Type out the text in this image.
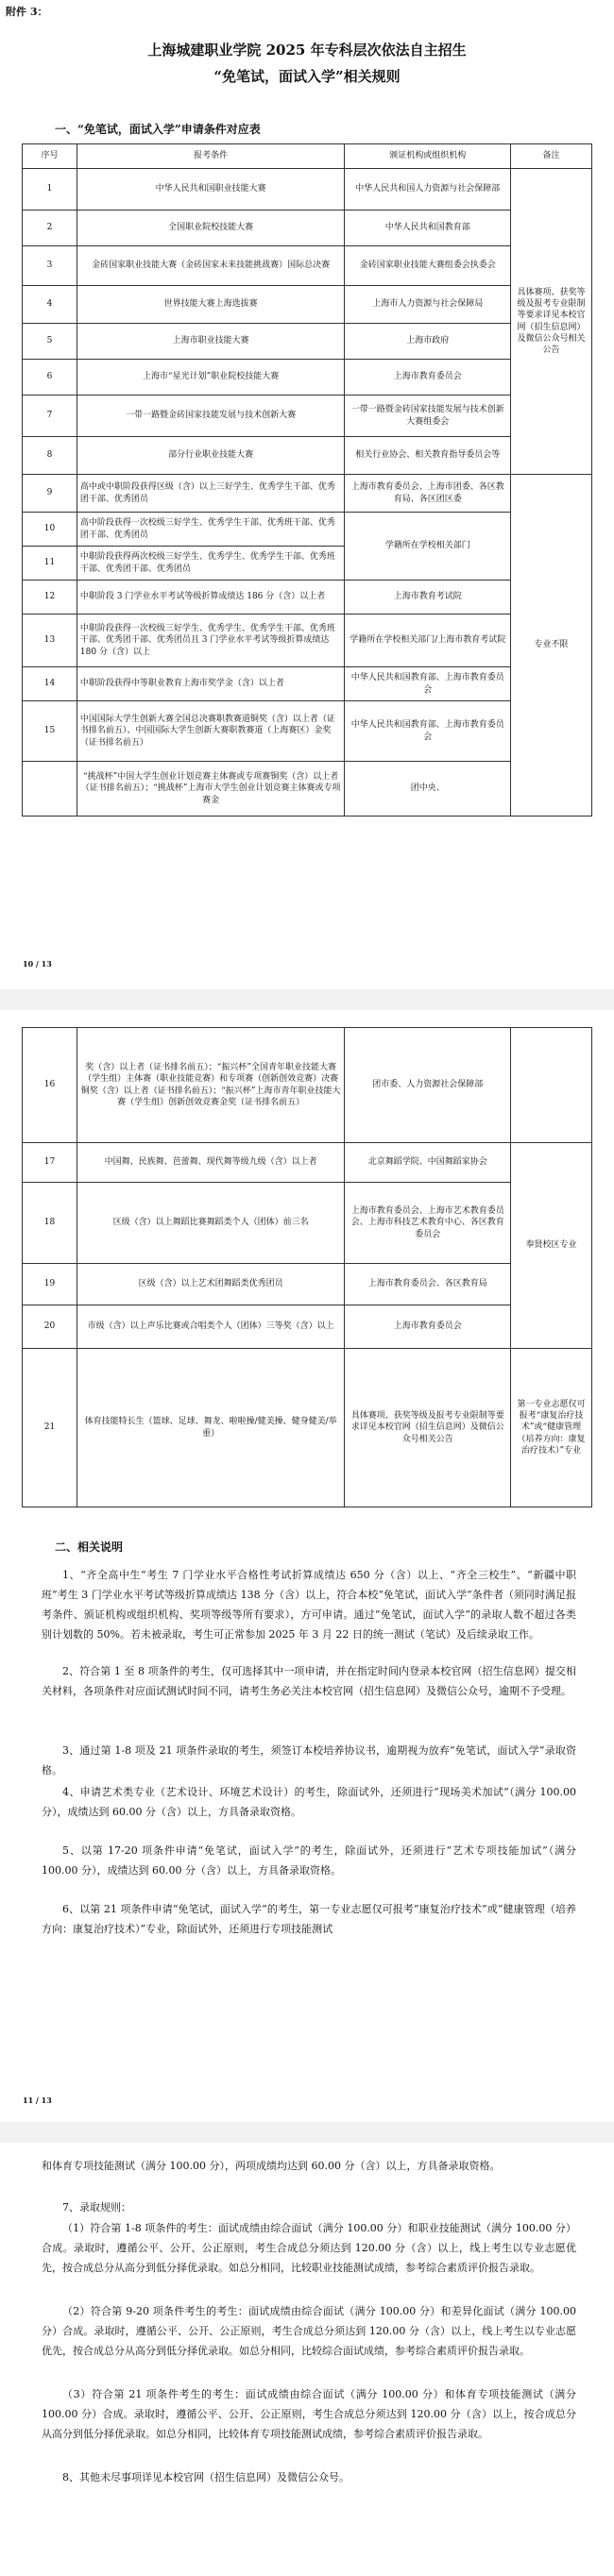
附件 3：
上海城建职业学院 2025 年专科层次依法自主招生
“免笔试，面试入学”相关规则
一、“免笔试，面试入学”申请条件对应表
序号	报考条件	颁证机构或组织机构	备注
1	中华人民共和国职业技能大赛	中华人民共和国人力资源与社会保障部	具体赛项、获奖等级及报考专业限制等要求详见本校官网（招生信息网）及微信公众号相关公告
2	全国职业院校技能大赛	中华人民共和国教育部	
3	金砖国家职业技能大赛（金砖国家未来技能挑战赛）国际总决赛	金砖国家职业技能大赛组委会执委会	
4	世界技能大赛上海选拔赛	上海市人力资源与社会保障局	
5	上海市职业技能大赛	上海市政府	
6	上海市“星光计划”职业院校技能大赛	上海市教育委员会	
7	一带一路暨金砖国家技能发展与技术创新大赛	一带一路暨金砖国家技能发展与技术创新大赛组委会	
8	部分行业职业技能大赛	相关行业协会、相关教育指导委员会等	
9	高中或中职阶段获得区级（含）以上三好学生、优秀学生干部、优秀团干部、优秀团员	上海市教育委员会、上海市团委、各区教育局、各区团区委	专业不限
10	高中阶段获得一次校级三好学生、优秀学生干部、优秀班干部、优秀团干部、优秀团员	学籍所在学校相关部门	
11	中职阶段获得两次校级三好学生、优秀学生、优秀学生干部、优秀班干部、优秀团干部、优秀团员		
12	中职阶段 3 门学业水平考试等级折算成绩达 186 分（含）以上者	上海市教育考试院	
13	中职阶段获得一次校级三好学生、优秀学生、优秀学生干部、优秀班干部、优秀团干部、优秀团员且 3 门学业水平考试等级折算成绩达 180 分（含）以上	学籍所在学校相关部门/上海市教育考试院	
14	中职阶段获得中等职业教育上海市奖学金（含）以上者	中华人民共和国教育部、上海市教育委员会	
15	中国国际大学生创新大赛全国总决赛职教赛道铜奖（含）以上者（证书排名前五）、中国国际大学生创新大赛职教赛道（上海赛区）金奖（证书排名前五）	中华人民共和国教育部、上海市教育委员会	
	“挑战杯”中国大学生创业计划竞赛主体赛或专项赛铜奖（含）以上者（证书排名前五）；“挑战杯”上海市大学生创业计划竞赛主体赛或专项赛金	团中央、	
10 / 13
16	奖（含）以上者（证书排名前五）；“振兴杯”全国青年职业技能大赛（学生组）主体赛（职业技能竞赛）和专项赛（创新创效竞赛）决赛铜奖（含）以上者（证书排名前五）；“振兴杯”上海市青年职业技能大赛（学生组）创新创效竞赛金奖（证书排名前五）	团市委、人力资源社会保障部	
17	中国舞、民族舞、芭蕾舞、现代舞等级九级（含）以上者	北京舞蹈学院、中国舞蹈家协会	奉贤校区专业
18	区级（含）以上舞蹈比赛舞蹈类个人（团体）前三名	上海市教育委员会、上海市艺术教育委员会、上海市科技艺术教育中心、各区教育委员会	
19	区级（含）以上艺术团舞蹈类优秀团员	上海市教育委员会、各区教育局	
20	市级（含）以上声乐比赛或合唱类个人（团体）三等奖（含）以上	上海市教育委员会	
21	体育技能特长生（篮球、足球、舞龙、啦啦操/健美操、健身健美/举重）	具体赛项、获奖等级及报考专业限制等要求详见本校官网（招生信息网）及微信公众号相关公告	第一专业志愿仅可报考“康复治疗技术”或“健康管理（培养方向：康复治疗技术）”专业
二、相关说明

1、“齐全高中生”考生 7 门学业水平合格性考试折算成绩达 650 分（含）以上、“齐全三校生”、“新疆中职班”考生 3 门学业水平考试等级折算成绩达 138 分（含）以上，符合本校“免笔试，面试入学”条件者（须同时满足报考条件、颁证机构或组织机构、奖项等级等所有要求），方可申请。通过“免笔试，面试入学”的录取人数不超过各类别计划数的 50%。若未被录取，考生可正常参加 2025 年 3 月 22 日的统一测试（笔试）及后续录取工作。

2、符合第 1 至 8 项条件的考生，仅可选择其中一项申请，并在指定时间内登录本校官网（招生信息网）提交相关材料，各项条件对应面试测试时间不同，请考生务必关注本校官网（招生信息网）及微信公众号，逾期不予受理。

3、通过第 1-8 项及 21 项条件录取的考生，须签订本校培养协议书，逾期视为放弃“免笔试，面试入学”录取资格。

4、申请艺术类专业（艺术设计、环境艺术设计）的考生，除面试外，还须进行“现场美术加试”（满分 100.00 分），成绩达到 60.00 分（含）以上，方具备录取资格。

5、以第 17-20 项条件申请“免笔试，面试入学”的考生，除面试外，还须进行“艺术专项技能加试”（满分 100.00 分），成绩达到 60.00 分（含）以上，方具备录取资格。

6、以第 21 项条件申请“免笔试，面试入学”的考生，第一专业志愿仅可报考“康复治疗技术”或“健康管理（培养方向：康复治疗技术）”专业，除面试外，还须进行专项技能测试

11 / 13

和体育专项技能测试（满分 100.00 分），两项成绩均达到 60.00 分（含）以上，方具备录取资格。

7、录取规则：

（1）符合第 1-8 项条件的考生：面试成绩由综合面试（满分 100.00 分）和职业技能测试（满分 100.00 分）合成。录取时，遵循公平、公开、公正原则，考生合成总分须达到 120.00 分（含）以上，线上考生以专业志愿优先，按合成总分从高分到低分择优录取。如总分相同，比较职业技能测试成绩，参考综合素质评价报告录取。

（2）符合第 9-20 项条件考生的考生：面试成绩由综合面试（满分 100.00 分）和差异化面试（满分 100.00 分）合成。录取时，遵循公平、公开、公正原则，考生合成总分须达到 120.00 分（含）以上，线上考生以专业志愿优先，按合成总分从高分到低分择优录取。如总分相同，比较综合面试成绩，参考综合素质评价报告录取。

（3）符合第 21 项条件考生的考生：面试成绩由综合面试（满分 100.00 分）和体育专项技能测试（满分 100.00 分）合成。录取时，遵循公平、公开、公正原则，考生合成总分须达到 120.00 分（含）以上，按合成总分从高分到低分择优录取。如总分相同，比较体育专项技能测试成绩，参考综合素质评价报告录取。

8、其他未尽事项详见本校官网（招生信息网）及微信公众号。
